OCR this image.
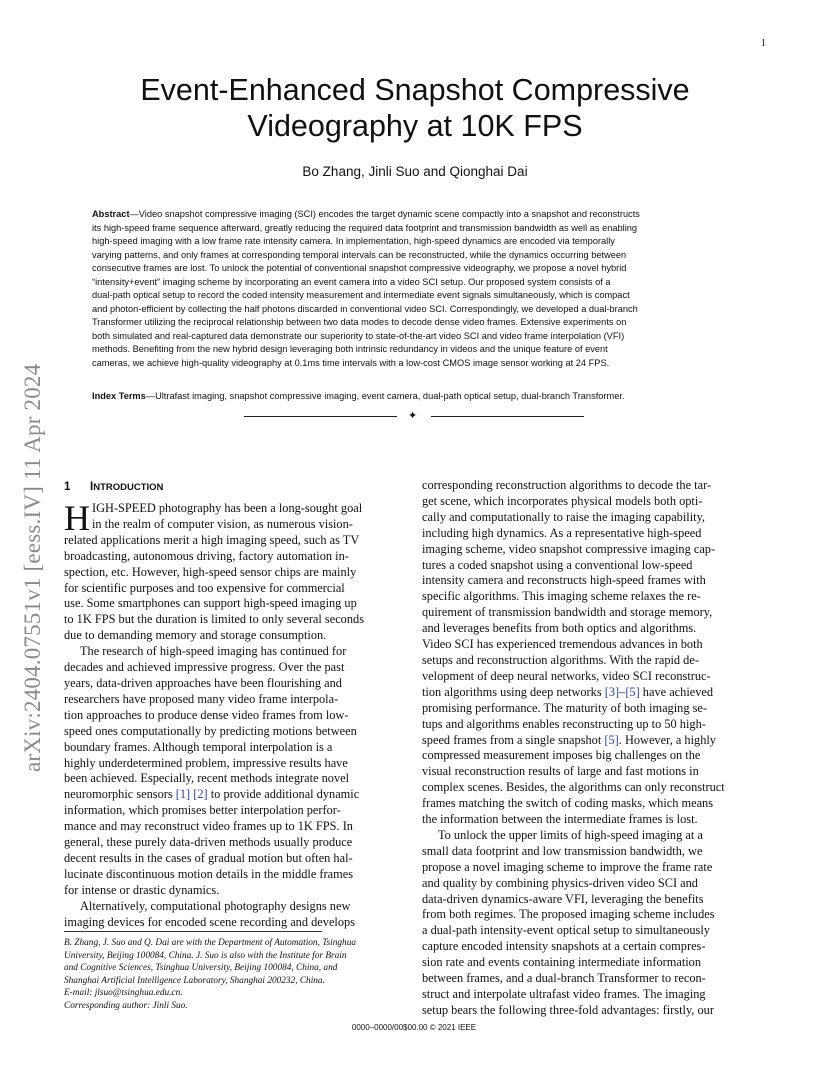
1
arXiv:2404.07551v1 [eess.IV] 11 Apr 2024
Event-Enhanced Snapshot Compressive
Videography at 10K FPS
Bo Zhang, Jinli Suo and Qionghai Dai
Abstract—Video snapshot compressive imaging (SCI) encodes the target dynamic scene compactly into a snapshot and reconstructs
its high-speed frame sequence afterward, greatly reducing the required data footprint and transmission bandwidth as well as enabling
high-speed imaging with a low frame rate intensity camera. In implementation, high-speed dynamics are encoded via temporally
varying patterns, and only frames at corresponding temporal intervals can be reconstructed, while the dynamics occurring between
consecutive frames are lost. To unlock the potential of conventional snapshot compressive videography, we propose a novel hybrid
“intensity+event” imaging scheme by incorporating an event camera into a video SCI setup. Our proposed system consists of a
dual-path optical setup to record the coded intensity measurement and intermediate event signals simultaneously, which is compact
and photon-efficient by collecting the half photons discarded in conventional video SCI. Correspondingly, we developed a dual-branch
Transformer utilizing the reciprocal relationship between two data modes to decode dense video frames. Extensive experiments on
both simulated and real-captured data demonstrate our superiority to state-of-the-art video SCI and video frame interpolation (VFI)
methods. Benefiting from the new hybrid design leveraging both intrinsic redundancy in videos and the unique feature of event
cameras, we achieve high-quality videography at 0.1ms time intervals with a low-cost CMOS image sensor working at 24 FPS.
Index Terms—Ultrafast imaging, snapshot compressive imaging, event camera, dual-path optical setup, dual-branch Transformer.
✦
1 INTRODUCTION
H IGH-SPEED photography has been a long-sought goal
in the realm of computer vision, as numerous vision-
related applications merit a high imaging speed, such as TV
broadcasting, autonomous driving, factory automation in-
spection, etc. However, high-speed sensor chips are mainly
for scientific purposes and too expensive for commercial
use. Some smartphones can support high-speed imaging up
to 1K FPS but the duration is limited to only several seconds
due to demanding memory and storage consumption.
The research of high-speed imaging has continued for
decades and achieved impressive progress. Over the past
years, data-driven approaches have been flourishing and
researchers have proposed many video frame interpola-
tion approaches to produce dense video frames from low-
speed ones computationally by predicting motions between
boundary frames. Although temporal interpolation is a
highly underdetermined problem, impressive results have
been achieved. Especially, recent methods integrate novel
neuromorphic sensors [1] [2] to provide additional dynamic
information, which promises better interpolation perfor-
mance and may reconstruct video frames up to 1K FPS. In
general, these purely data-driven methods usually produce
decent results in the cases of gradual motion but often hal-
lucinate discontinuous motion details in the middle frames
for intense or drastic dynamics.
Alternatively, computational photography designs new
imaging devices for encoded scene recording and develops
B. Zhang, J. Suo and Q. Dai are with the Department of Automation, Tsinghua
University, Beijing 100084, China. J. Suo is also with the Institute for Brain
and Cognitive Sciences, Tsinghua University, Beijing 100084, China, and
Shanghai Artificial Intelligence Laboratory, Shanghai 200232, China.
E-mail: jlsuo@tsinghua.edu.cn.
Corresponding author: Jinli Suo.
corresponding reconstruction algorithms to decode the tar-
get scene, which incorporates physical models both opti-
cally and computationally to raise the imaging capability,
including high dynamics. As a representative high-speed
imaging scheme, video snapshot compressive imaging cap-
tures a coded snapshot using a conventional low-speed
intensity camera and reconstructs high-speed frames with
specific algorithms. This imaging scheme relaxes the re-
quirement of transmission bandwidth and storage memory,
and leverages benefits from both optics and algorithms.
Video SCI has experienced tremendous advances in both
setups and reconstruction algorithms. With the rapid de-
velopment of deep neural networks, video SCI reconstruc-
tion algorithms using deep networks [3]–[5] have achieved
promising performance. The maturity of both imaging se-
tups and algorithms enables reconstructing up to 50 high-
speed frames from a single snapshot [5]. However, a highly
compressed measurement imposes big challenges on the
visual reconstruction results of large and fast motions in
complex scenes. Besides, the algorithms can only reconstruct
frames matching the switch of coding masks, which means
the information between the intermediate frames is lost.
To unlock the upper limits of high-speed imaging at a
small data footprint and low transmission bandwidth, we
propose a novel imaging scheme to improve the frame rate
and quality by combining physics-driven video SCI and
data-driven dynamics-aware VFI, leveraging the benefits
from both regimes. The proposed imaging scheme includes
a dual-path intensity-event optical setup to simultaneously
capture encoded intensity snapshots at a certain compres-
sion rate and events containing intermediate information
between frames, and a dual-branch Transformer to recon-
struct and interpolate ultrafast video frames. The imaging
setup bears the following three-fold advantages: firstly, our
0000–0000/00$00.00 © 2021 IEEE
